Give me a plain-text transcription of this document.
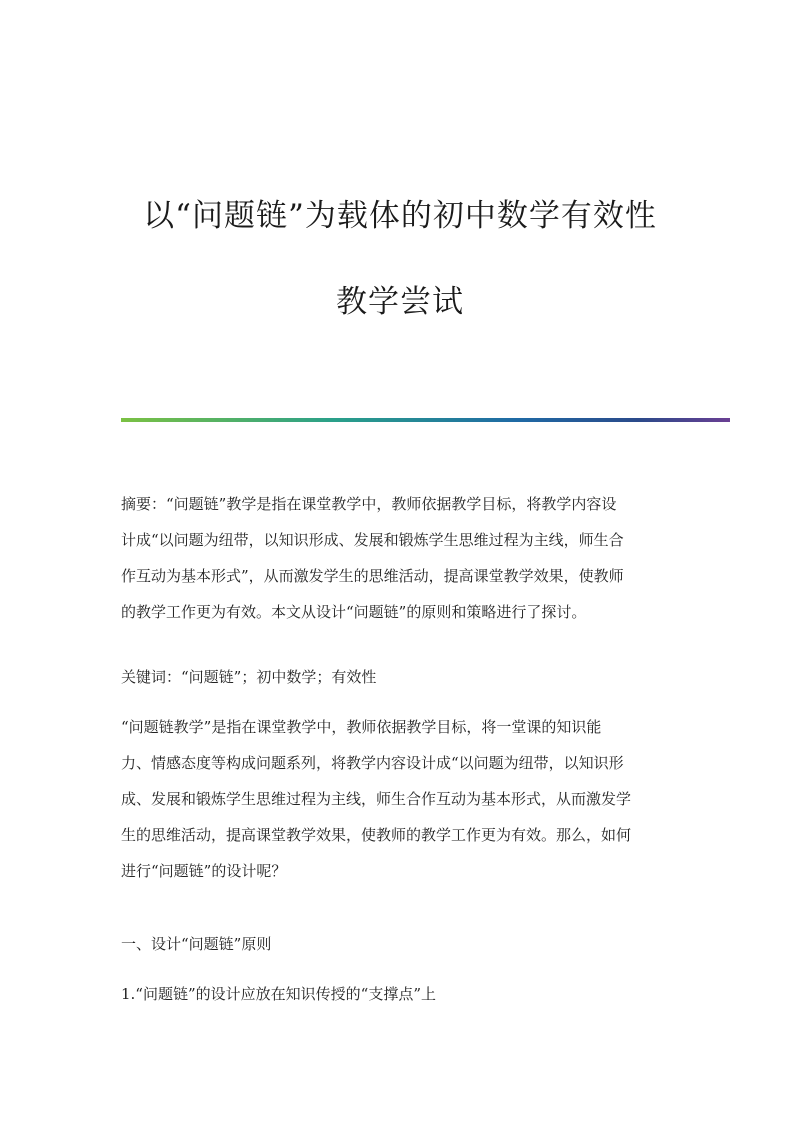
以“问题链”为载体的初中数学有效性
教学尝试

摘要：“问题链”教学是指在课堂教学中，教师依据教学目标，将教学内容设
计成“以问题为纽带，以知识形成、发展和锻炼学生思维过程为主线，师生合
作互动为基本形式”，从而激发学生的思维活动，提高课堂教学效果，使教师
的教学工作更为有效。本文从设计“问题链”的原则和策略进行了探讨。

关键词：“问题链”；初中数学；有效性

“问题链教学”是指在课堂教学中，教师依据教学目标，将一堂课的知识能
力、情感态度等构成问题系列，将教学内容设计成“以问题为纽带，以知识形
成、发展和锻炼学生思维过程为主线，师生合作互动为基本形式，从而激发学
生的思维活动，提高课堂教学效果，使教师的教学工作更为有效。那么，如何
进行“问题链”的设计呢？

一、设计“问题链”原则

1.“问题链”的设计应放在知识传授的“支撑点”上
